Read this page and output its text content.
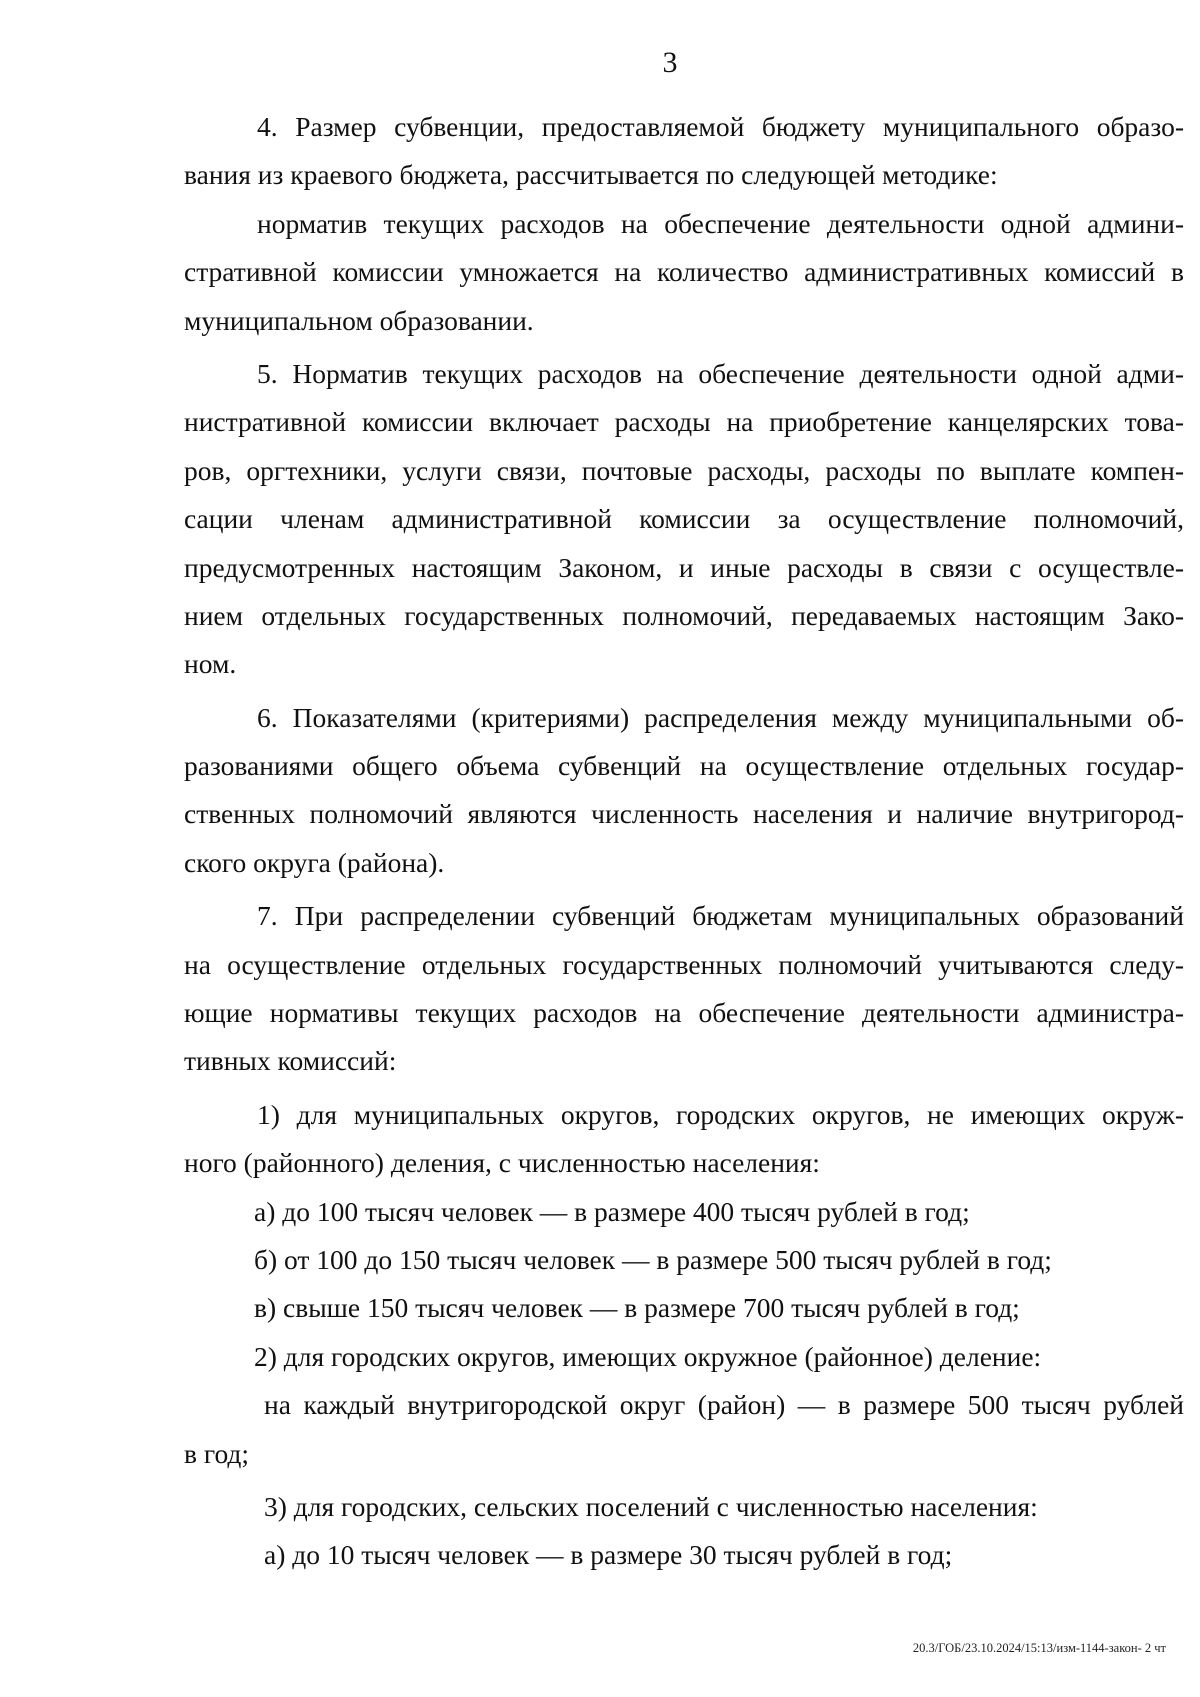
3
4. Размер субвенции, предоставляемой бюджету муниципального образо-
вания из краевого бюджета, рассчитывается по следующей методике:
норматив текущих расходов на обеспечение деятельности одной админи-
стративной комиссии умножается на количество административных комиссий в
муниципальном образовании.
5. Норматив текущих расходов на обеспечение деятельности одной адми-
нистративной комиссии включает расходы на приобретение канцелярских това-
ров, оргтехники, услуги связи, почтовые расходы, расходы по выплате компен-
сации членам административной комиссии за осуществление полномочий,
предусмотренных настоящим Законом, и иные расходы в связи с осуществле-
нием отдельных государственных полномочий, передаваемых настоящим Зако-
ном.
6. Показателями (критериями) распределения между муниципальными об-
разованиями общего объема субвенций на осуществление отдельных государ-
ственных полномочий являются численность населения и наличие внутригород-
ского округа (района).
7. При распределении субвенций бюджетам муниципальных образований
на осуществление отдельных государственных полномочий учитываются следу-
ющие нормативы текущих расходов на обеспечение деятельности администра-
тивных комиссий:
1) для муниципальных округов, городских округов, не имеющих окруж-
ного (районного) деления, с численностью населения:
а) до 100 тысяч человек — в размере 400 тысяч рублей в год;
б) от 100 до 150 тысяч человек — в размере 500 тысяч рублей в год;
в) свыше 150 тысяч человек — в размере 700 тысяч рублей в год;
2) для городских округов, имеющих окружное (районное) деление:
на каждый внутригородской округ (район) — в размере 500 тысяч рублей
в год;
3) для городских, сельских поселений с численностью населения:
а) до 10 тысяч человек — в размере 30 тысяч рублей в год;
20.3/ГОБ/23.10.2024/15:13/изм-1144-закон- 2 чт
